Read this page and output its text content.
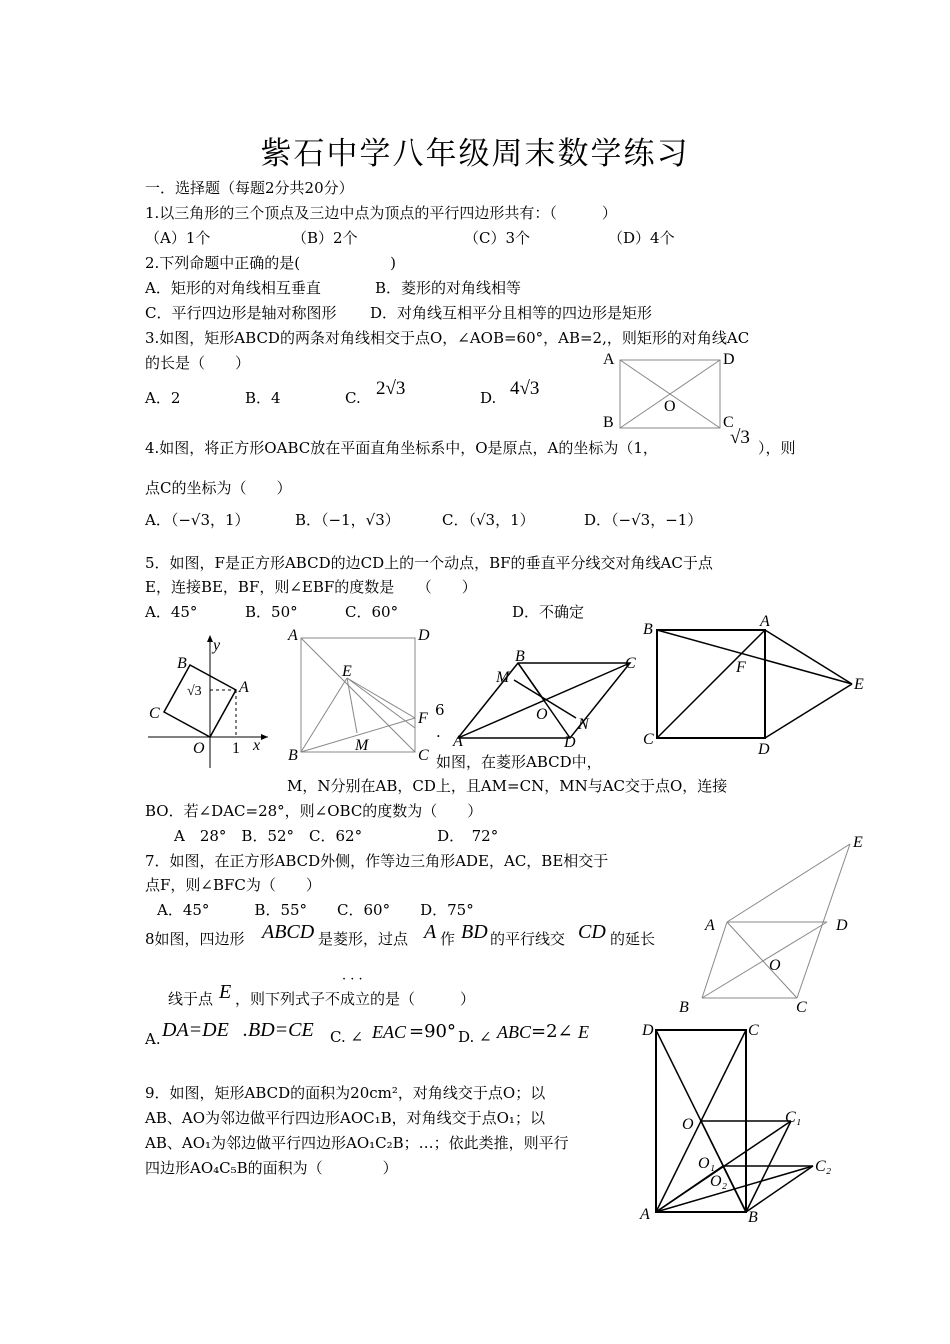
紫石中学八年级周末数学练习
一．选择题（每题2分共20分）
1.以三角形的三个顶点及三边中点为顶点的平行四边形共有：（　　　）
（A）1个	（B）2个	（C）3个	（D）4个
2.下列命题中正确的是(　　　　　　)
A．矩形的对角线相互垂直	B．菱形的对角线相等
C．平行四边形是轴对称图形 D．对角线互相平分且相等的四边形是矩形
3.如图，矩形ABCD的两条对角线相交于点O，∠AOB=60°，AB=2,，则矩形的对角线AC
的长是（　　）
A．2	B．4	C. 2√3	D. 4√3
A	D
O
B	C
4.如图，将正方形OABC放在平面直角坐标系中，O是原点，A的坐标为（1，	√3 ），则
点C的坐标为（　　）
A．（−√3，1）	B．（−1，√3）	C．（√3，1）	D．（−√3，−1）
5．如图，F是正方形ABCD的边CD上的一个动点，BF的垂直平分线交对角线AC于点
E，连接BE，BF，则∠EBF的度数是　　（　　）
A．45°	B．50°	C．60°	D．不确定
y
B
A
C
√3
O 1 x
A	D
E
F
B
M
C
6
.
B	C
M
O
N
A	D
B	A
F
E
C
D
如图，在菱形ABCD中，
M，N分别在AB，CD上，且AM=CN，MN与AC交于点O，连接
BO．若∠DAC=28°，则∠OBC的度数为（　　）
A　28°　B．52°　C．62°　　　　　D．　72°
7．如图，在正方形ABCD外侧，作等边三角形ADE，AC，BE相交于
点F，则∠BFC为（　　）
A．45°　　　B．55°　　C．60°　　D．75°
8如图，四边形 ABCD 是菱形，过点 A 作 BD 的平行线交 CD 的延长
· · ·
线于点 E ，则下列式子不成立的是（　　　）
A. DA=DE .BD=CE C. ∠ EAC =90° D. ∠ ABC =2∠ E
E
A	D
O
B	C
9．如图，矩形ABCD的面积为20cm²，对角线交于点O；以
AB、AO为邻边做平行四边形AOC₁B，对角线交于点O₁；以
AB、AO₁为邻边做平行四边形AO₁C₂B；…；依此类推，则平行
四边形AO₄C₅B的面积为（　　　　）
D	C
O	C₁
O₁
O₂
C₂
A	B
